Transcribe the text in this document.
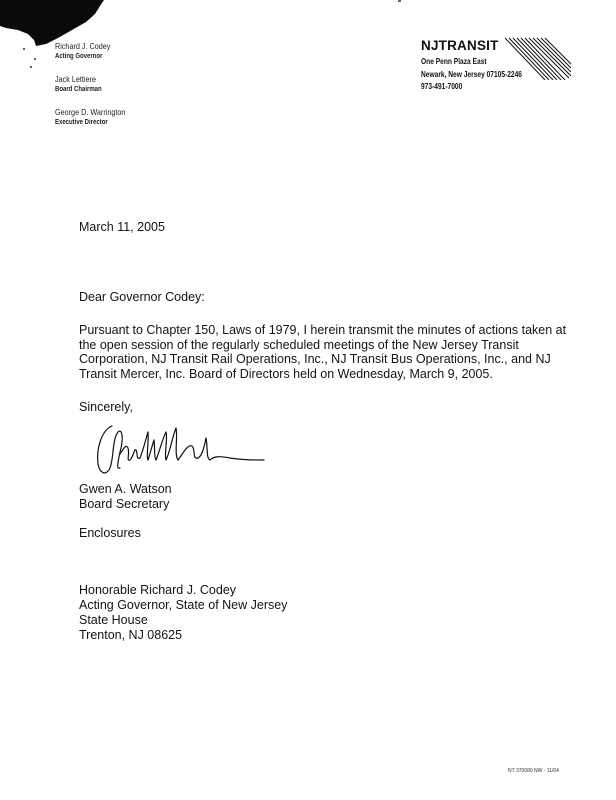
Richard J. Codey
Acting Governor
Jack Lettiere
Board Chairman
George D. Warrington
Executive Director
NJTRANSIT
One Penn Plaza East
Newark, New Jersey 07105-2246
973-491-7000
March 11, 2005
Dear Governor Codey:
Pursuant to Chapter 150, Laws of 1979, I herein transmit the minutes of actions taken at
the open session of the regularly scheduled meetings of the New Jersey Transit
Corporation, NJ Transit Rail Operations, Inc., NJ Transit Bus Operations, Inc., and NJ
Transit Mercer, Inc. Board of Directors held on Wednesday, March 9, 2005.
Sincerely,
Gwen A. Watson
Board Secretary
Enclosures
Honorable Richard J. Codey
Acting Governor, State of New Jersey
State House
Trenton, NJ 08625
NT 370080 NW - 11/04
